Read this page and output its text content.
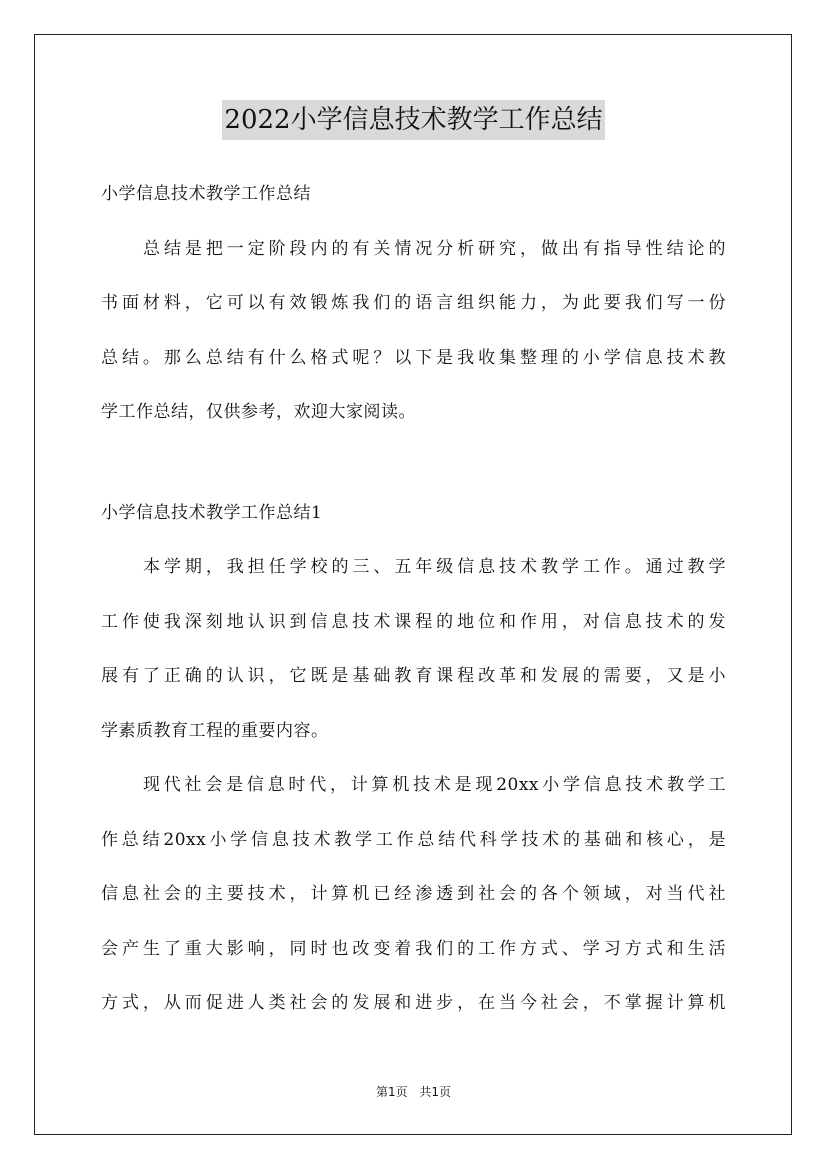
2022小学信息技术教学工作总结
小学信息技术教学工作总结
总结是把一定阶段内的有关情况分析研究，做出有指导性结论的
书面材料，它可以有效锻炼我们的语言组织能力，为此要我们写一份
总结。那么总结有什么格式呢？以下是我收集整理的小学信息技术教
学工作总结，仅供参考，欢迎大家阅读。
小学信息技术教学工作总结1
本学期，我担任学校的三、五年级信息技术教学工作。通过教学
工作使我深刻地认识到信息技术课程的地位和作用，对信息技术的发
展有了正确的认识，它既是基础教育课程改革和发展的需要，又是小
学素质教育工程的重要内容。
现代社会是信息时代，计算机技术是现20xx小学信息技术教学工
作总结20xx小学信息技术教学工作总结代科学技术的基础和核心，是
信息社会的主要技术，计算机已经渗透到社会的各个领域，对当代社
会产生了重大影响，同时也改变着我们的工作方式、学习方式和生活
方式，从而促进人类社会的发展和进步，在当今社会，不掌握计算机
第1页 共1页
